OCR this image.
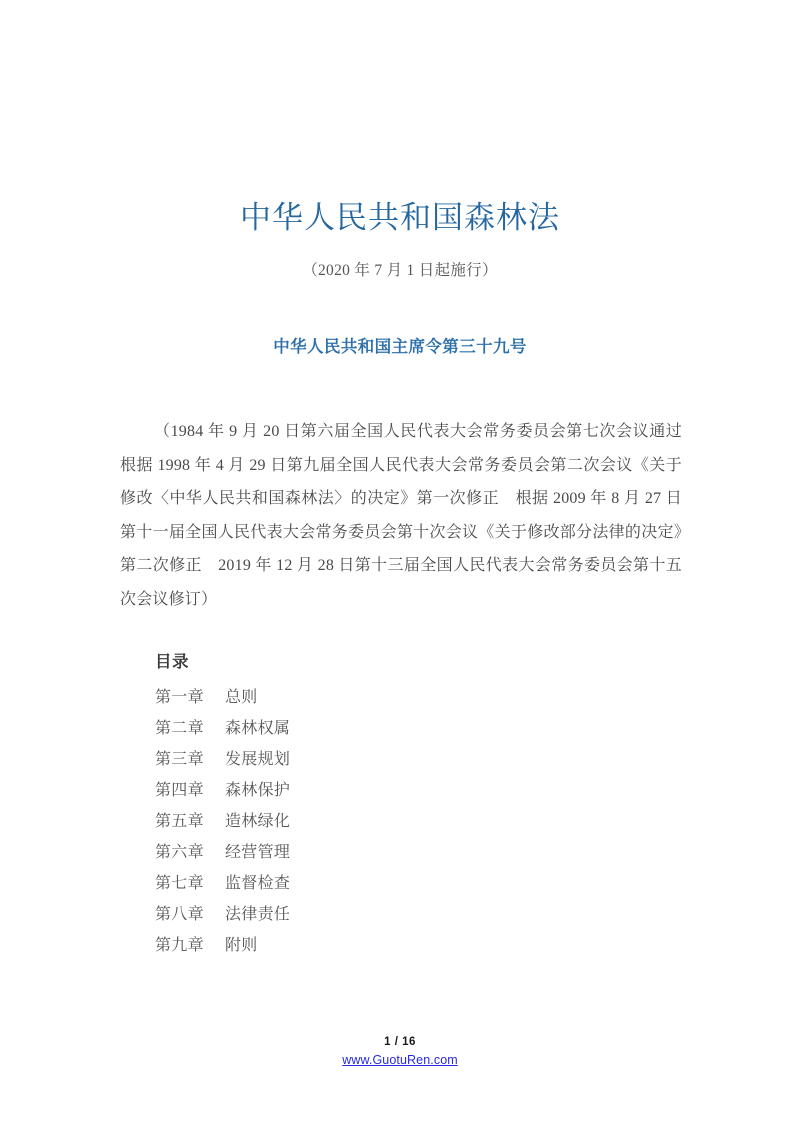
中华人民共和国森林法
（2020 年 7 月 1 日起施行）
中华人民共和国主席令第三十九号

（1984 年 9 月 20 日第六届全国人民代表大会常务委员会第七次会议通过　根据 1998 年 4 月 29 日第九届全国人民代表大会常务委员会第二次会议《关于修改〈中华人民共和国森林法〉的决定》第一次修正　根据 2009 年 8 月 27 日第十一届全国人民代表大会常务委员会第十次会议《关于修改部分法律的决定》第二次修正　2019 年 12 月 28 日第十三届全国人民代表大会常务委员会第十五次会议修订）

目录
第一章	总则
第二章	森林权属
第三章	发展规划
第四章	森林保护
第五章	造林绿化
第六章	经营管理
第七章	监督检查
第八章	法律责任
第九章	附则
1 / 16
www.GuotuRen.com
